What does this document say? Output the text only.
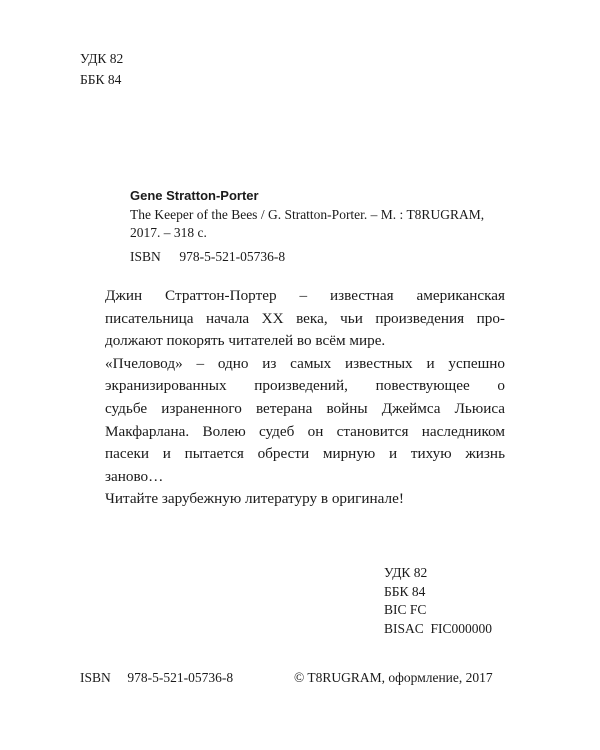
УДК 82
ББК 84
Gene Stratton-Porter
The Keeper of the Bees / G. Stratton-Porter. – M. : T8RUGRAM,
2017. – 318 c.
ISBN 978-5-521-05736-8
Джин Страттон-Портер – известная американская
писательница начала XX века, чьи произведения про-
должают покорять читателей во всём мире.
«Пчеловод» – одно из самых известных и успешно
экранизированных произведений, повествующее о
судьбе израненного ветерана войны Джеймса Льюиса
Макфарлана. Волею судеб он становится наследником
пасеки и пытается обрести мирную и тихую жизнь
заново…
Читайте зарубежную литературу в оригинале!
УДК 82
ББК 84
BIC FC
BISAC  FIC000000
ISBN 978-5-521-05736-8	© T8RUGRAM, оформление, 2017
